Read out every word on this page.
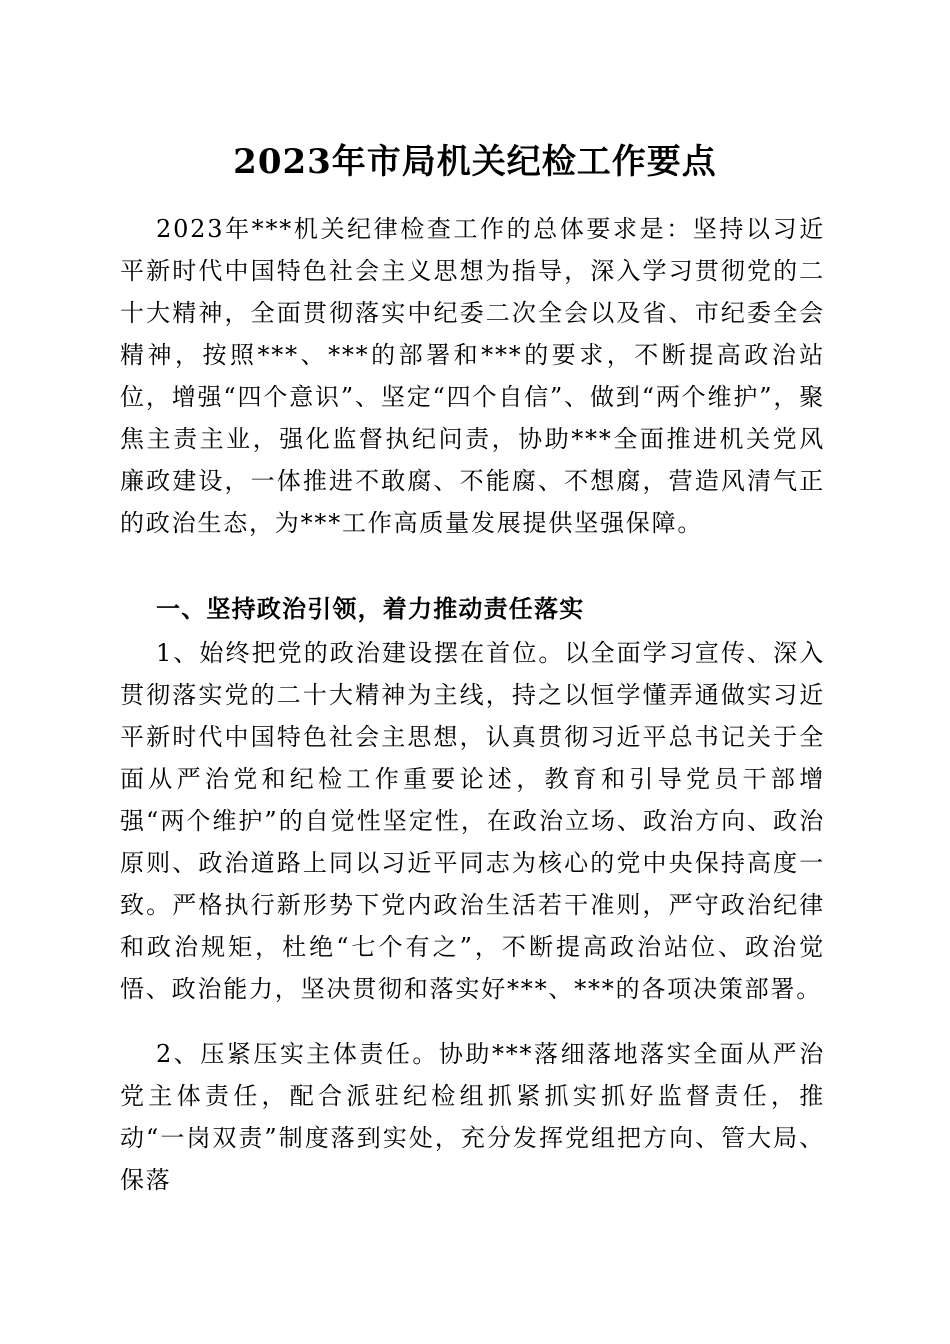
2023年市局机关纪检工作要点

2023年***机关纪律检查工作的总体要求是：坚持以习近平新时代中国特色社会主义思想为指导，深入学习贯彻党的二十大精神，全面贯彻落实中纪委二次全会以及省、市纪委全会精神，按照***、***的部署和***的要求，不断提高政治站位，增强“四个意识”、坚定“四个自信”、做到“两个维护”，聚焦主责主业，强化监督执纪问责，协助***全面推进机关党风廉政建设，一体推进不敢腐、不能腐、不想腐，营造风清气正的政治生态，为***工作高质量发展提供坚强保障。

一、坚持政治引领，着力推动责任落实

1、始终把党的政治建设摆在首位。以全面学习宣传、深入贯彻落实党的二十大精神为主线，持之以恒学懂弄通做实习近平新时代中国特色社会主思想，认真贯彻习近平总书记关于全面从严治党和纪检工作重要论述，教育和引导党员干部增强“两个维护”的自觉性坚定性，在政治立场、政治方向、政治原则、政治道路上同以习近平同志为核心的党中央保持高度一致。严格执行新形势下党内政治生活若干准则，严守政治纪律和政治规矩，杜绝“七个有之”，不断提高政治站位、政治觉悟、政治能力，坚决贯彻和落实好***、***的各项决策部署。

2、压紧压实主体责任。协助***落细落地落实全面从严治党主体责任，配合派驻纪检组抓紧抓实抓好监督责任，推动“一岗双责”制度落到实处，充分发挥党组把方向、管大局、保落
